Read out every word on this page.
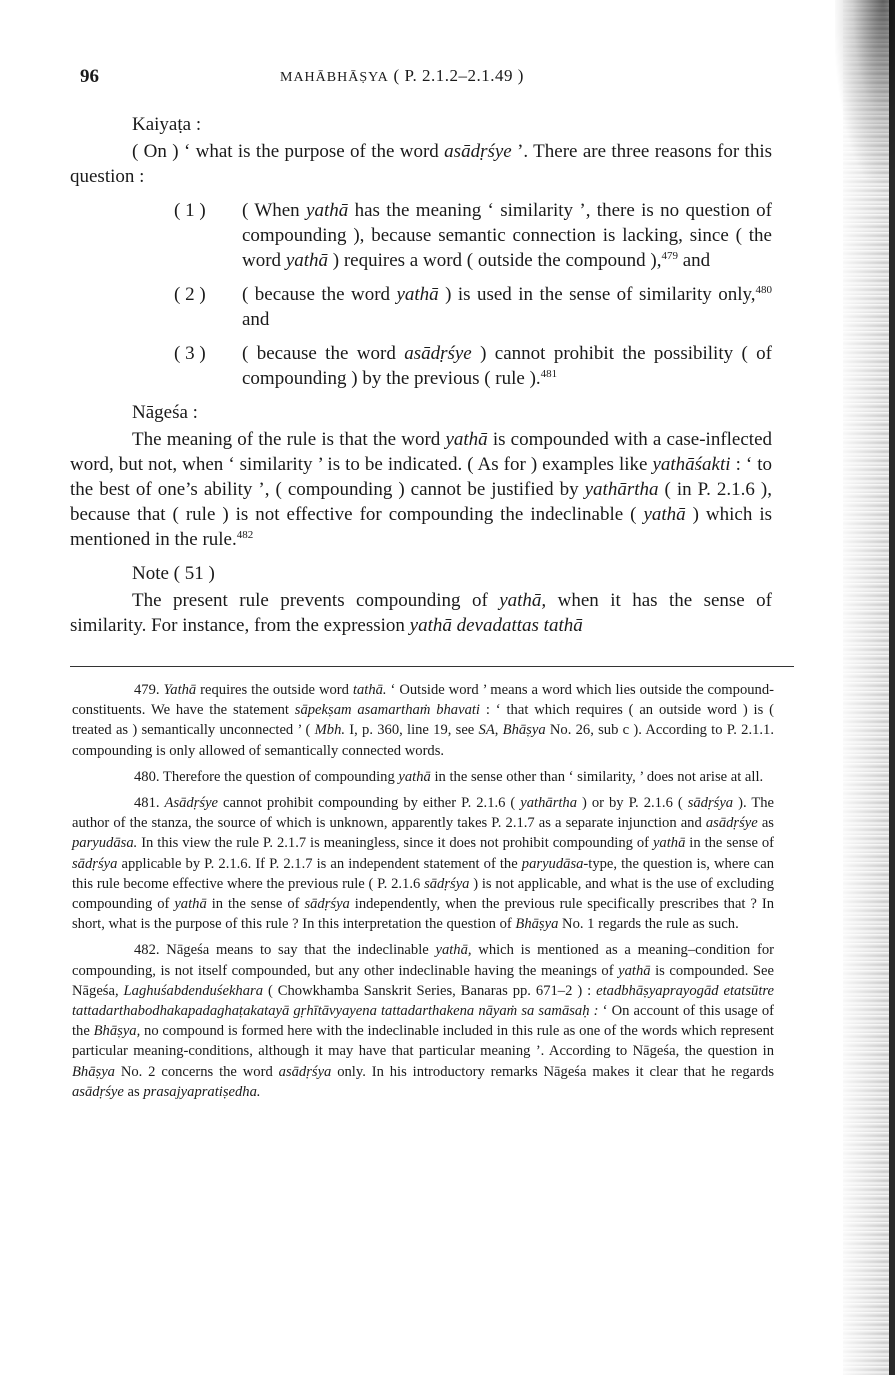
96	MAHĀBHĀṢYA ( P. 2.1.2–2.1.49 )

Kaiyaṭa :

( On ) ‘ what is the purpose of the word asādṛśye ’. There are three reasons for this question :

( 1 ) ( When yathā has the meaning ‘ similarity ’, there is no question of compounding ), because semantic connection is lacking, since ( the word yathā ) requires a word ( outside the compound ),$^{479}$ and

( 2 ) ( because the word yathā ) is used in the sense of similarity only,$^{480}$ and

( 3 ) ( because the word asādṛśye ) cannot prohibit the possibility ( of compounding ) by the previous ( rule ).$^{481}$

Nāgeśa :

The meaning of the rule is that the word yathā is compounded with a case-inflected word, but not, when ‘ similarity ’ is to be indicated. ( As for ) examples like yathāśakti : ‘ to the best of one’s ability ’, ( compounding ) cannot be justified by yathārtha ( in P. 2.1.6 ), because that ( rule ) is not effective for compounding the indeclinable ( yathā ) which is mentioned in the rule.$^{482}$

Note ( 51 )

The present rule prevents compounding of yathā, when it has the sense of similarity. For instance, from the expression yathā devadattas tathā

479. Yathā requires the outside word tathā. ‘ Outside word ’ means a word which lies outside the compound-constituents. We have the statement sāpekṣam asamarthaṁ bhavati : ‘ that which requires ( an outside word ) is ( treated as ) semantically unconnected ’ ( Mbh. I, p. 360, line 19, see SA, Bhāṣya No. 26, sub c ). According to P. 2.1.1. compounding is only allowed of semantically connected words.

480. Therefore the question of compounding yathā in the sense other than ‘ similarity, ’ does not arise at all.

481. Asādṛśye cannot prohibit compounding by either P. 2.1.6 ( yathārtha ) or by P. 2.1.6 ( sādṛśya ). The author of the stanza, the source of which is unknown, apparently takes P. 2.1.7 as a separate injunction and asādṛśye as paryudāsa. In this view the rule P. 2.1.7 is meaningless, since it does not prohibit compounding of yathā in the sense of sādṛśya applicable by P. 2.1.6. If P. 2.1.7 is an independent statement of the paryudāsa-type, the question is, where can this rule become effective where the previous rule ( P. 2.1.6 sādṛśya ) is not applicable, and what is the use of excluding compounding of yathā in the sense of sādṛśya independently, when the previous rule specifically prescribes that ? In short, what is the purpose of this rule ? In this interpretation the question of Bhāṣya No. 1 regards the rule as such.

482. Nāgeśa means to say that the indeclinable yathā, which is mentioned as a meaning–condition for compounding, is not itself compounded, but any other indeclinable having the meanings of yathā is compounded. See Nāgeśa, Laghuśabdenduśekhara ( Chowkhamba Sanskrit Series, Banaras pp. 671–2 ) : etadbhāṣyaprayogād etatsūtre tattadarthabodhakapadaghaṭakatayā gṛhītāvyayena tattadarthakena nāyaṁ sa samāsaḥ : ‘ On account of this usage of the Bhāṣya, no compound is formed here with the indeclinable included in this rule as one of the words which represent particular meaning-conditions, although it may have that particular meaning ’. According to Nāgeśa, the question in Bhāṣya No. 2 concerns the word asādṛśya only. In his introductory remarks Nāgeśa makes it clear that he regards asādṛśye as prasajyapratiṣedha.
